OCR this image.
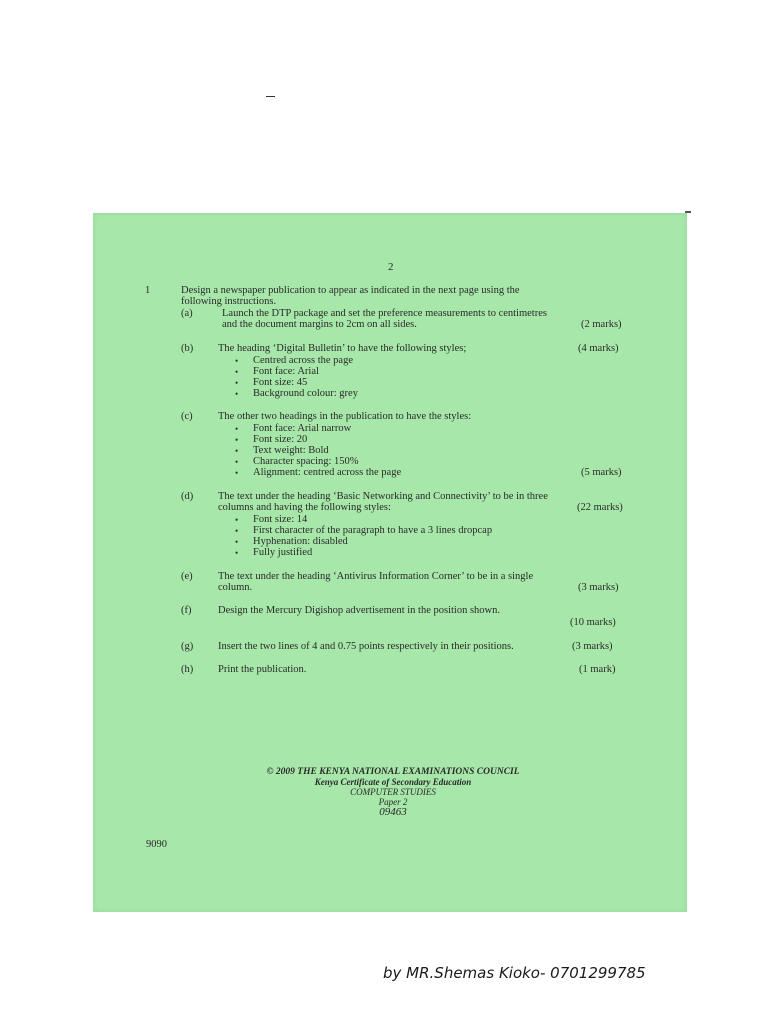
2
1	Design a newspaper publication to appear as indicated in the next page using the
following instructions.
(a)	Launch the DTP package and set the preference measurements to centimetres
and the document margins to 2cm on all sides.	(2 marks)
(b) The heading ‘Digital Bulletin’ to have the following styles;	(4 marks)
• Centred across the page
• Font face: Arial
• Font size: 45
• Background colour: grey
(c) The other two headings in the publication to have the styles:
• Font face: Arial narrow
• Font size: 20
• Text weight: Bold
• Character spacing: 150%
• Alignment: centred across the page	(5 marks)
(d) The text under the heading ‘Basic Networking and Connectivity’ to be in three
columns and having the following styles:	(22 marks)
• Font size: 14
• First character of the paragraph to have a 3 lines dropcap
• Hyphenation: disabled
• Fully justified
(e) The text under the heading ‘Antivirus Information Corner’ to be in a single
column.	(3 marks)
(f)	Design the Mercury Digishop advertisement in the position shown.
(10 marks)
(g) Insert the two lines of 4 and 0.75 points respectively in their positions.	(3 marks)
(h) Print the publication.	(1 mark)
© 2009 THE KENYA NATIONAL EXAMINATIONS COUNCIL
Kenya Certificate of Secondary Education
COMPUTER STUDIES
Paper 2
09463
9090
by MR.Shemas Kioko- 0701299785
